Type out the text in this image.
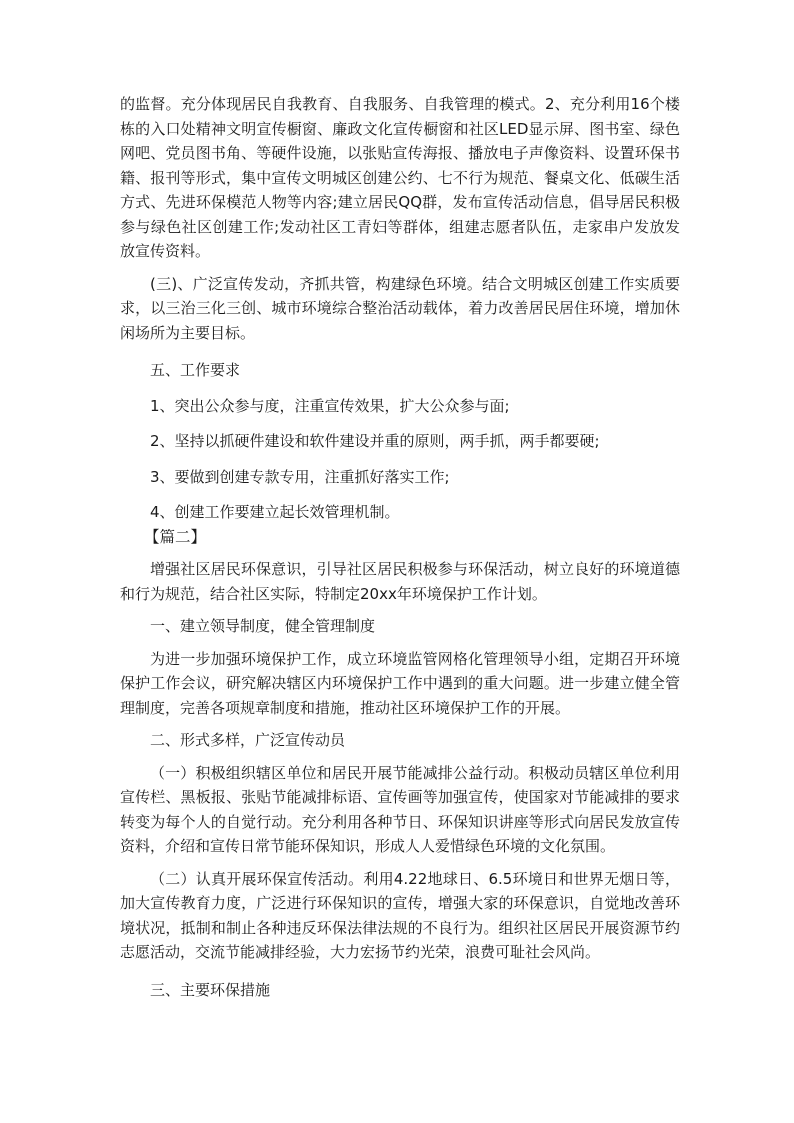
的监督。充分体现居民自我教育、自我服务、自我管理的模式。2、充分利用16个楼栋的入口处精神文明宣传橱窗、廉政文化宣传橱窗和社区LED显示屏、图书室、绿色网吧、党员图书角、等硬件设施，以张贴宣传海报、播放电子声像资料、设置环保书籍、报刊等形式，集中宣传文明城区创建公约、七不行为规范、餐桌文化、低碳生活方式、先进环保模范人物等内容;建立居民QQ群，发布宣传活动信息，倡导居民积极参与绿色社区创建工作;发动社区工青妇等群体，组建志愿者队伍，走家串户发放发放宣传资料。

(三)、广泛宣传发动，齐抓共管，构建绿色环境。结合文明城区创建工作实质要求，以三治三化三创、城市环境综合整治活动载体，着力改善居民居住环境，增加休闲场所为主要目标。

五、工作要求

1、突出公众参与度，注重宣传效果，扩大公众参与面;

2、坚持以抓硬件建设和软件建设并重的原则，两手抓，两手都要硬;

3、要做到创建专款专用，注重抓好落实工作;

4、创建工作要建立起长效管理机制。

【篇二】

增强社区居民环保意识，引导社区居民积极参与环保活动，树立良好的环境道德和行为规范，结合社区实际，特制定20xx年环境保护工作计划。

一、建立领导制度，健全管理制度

为进一步加强环境保护工作，成立环境监管网格化管理领导小组，定期召开环境保护工作会议，研究解决辖区内环境保护工作中遇到的重大问题。进一步建立健全管理制度，完善各项规章制度和措施，推动社区环境保护工作的开展。

二、形式多样，广泛宣传动员

（一）积极组织辖区单位和居民开展节能减排公益行动。积极动员辖区单位利用宣传栏、黑板报、张贴节能减排标语、宣传画等加强宣传，使国家对节能减排的要求转变为每个人的自觉行动。充分利用各种节日、环保知识讲座等形式向居民发放宣传资料，介绍和宣传日常节能环保知识，形成人人爱惜绿色环境的文化氛围。

（二）认真开展环保宣传活动。利用4.22地球日、6.5环境日和世界无烟日等，加大宣传教育力度，广泛进行环保知识的宣传，增强大家的环保意识，自觉地改善环境状况，抵制和制止各种违反环保法律法规的不良行为。组织社区居民开展资源节约志愿活动，交流节能减排经验，大力宏扬节约光荣，浪费可耻社会风尚。

三、主要环保措施
